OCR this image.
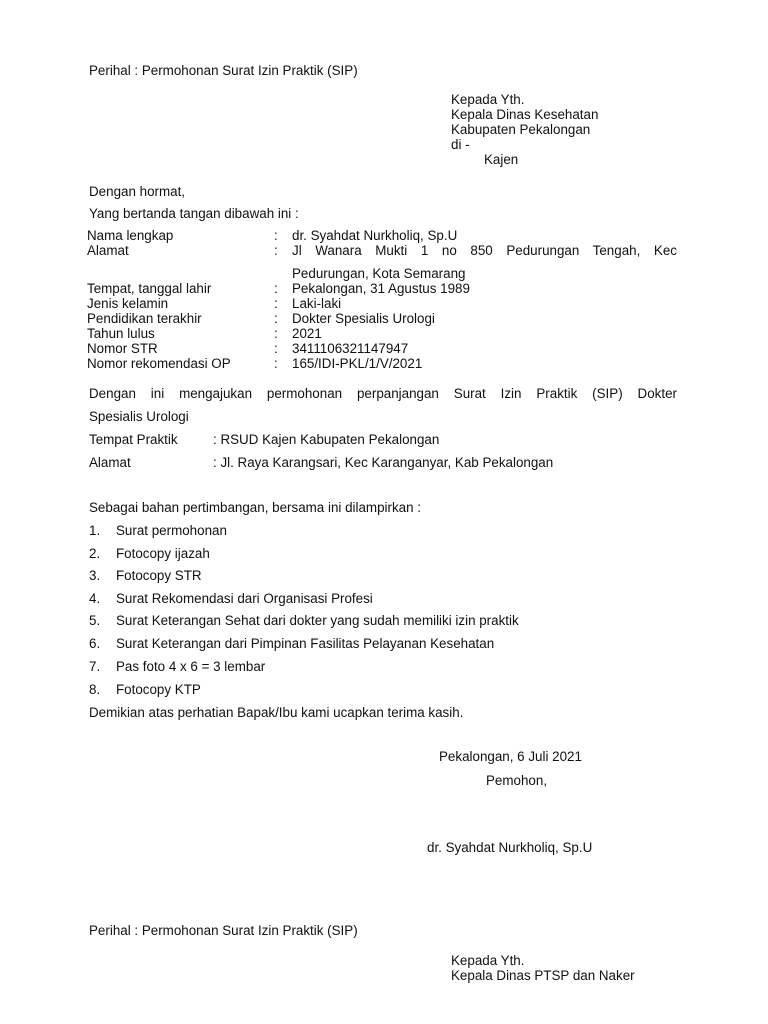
Perihal : Permohonan Surat Izin Praktik (SIP)
Kepada Yth.
Kepala Dinas Kesehatan
Kabupaten Pekalongan
di -
Kajen
Dengan hormat,
Yang bertanda tangan dibawah ini :
Nama lengkap	: dr. Syahdat Nurkholiq, Sp.U
Alamat	: Jl Wanara Mukti 1 no 850 Pedurungan Tengah, Kec
Pedurungan, Kota Semarang
Tempat, tanggal lahir	: Pekalongan, 31 Agustus 1989
Jenis kelamin	: Laki-laki
Pendidikan terakhir	: Dokter Spesialis Urologi
Tahun lulus	: 2021
Nomor STR	: 3411106321147947
Nomor rekomendasi OP	: 165/IDI-PKL/1/V/2021
Dengan ini mengajukan permohonan perpanjangan Surat Izin Praktik (SIP) Dokter
Spesialis Urologi
Tempat Praktik	: RSUD Kajen Kabupaten Pekalongan
Alamat	: Jl. Raya Karangsari, Kec Karanganyar, Kab Pekalongan
Sebagai bahan pertimbangan, bersama ini dilampirkan :
1. Surat permohonan
2. Fotocopy ijazah
3. Fotocopy STR
4. Surat Rekomendasi dari Organisasi Profesi
5. Surat Keterangan Sehat dari dokter yang sudah memiliki izin praktik
6. Surat Keterangan dari Pimpinan Fasilitas Pelayanan Kesehatan
7. Pas foto 4 x 6 = 3 lembar
8. Fotocopy KTP
Demikian atas perhatian Bapak/Ibu kami ucapkan terima kasih.
Pekalongan, 6 Juli 2021
Pemohon,
dr. Syahdat Nurkholiq, Sp.U
Perihal : Permohonan Surat Izin Praktik (SIP)
Kepada Yth.
Kepala Dinas PTSP dan Naker
